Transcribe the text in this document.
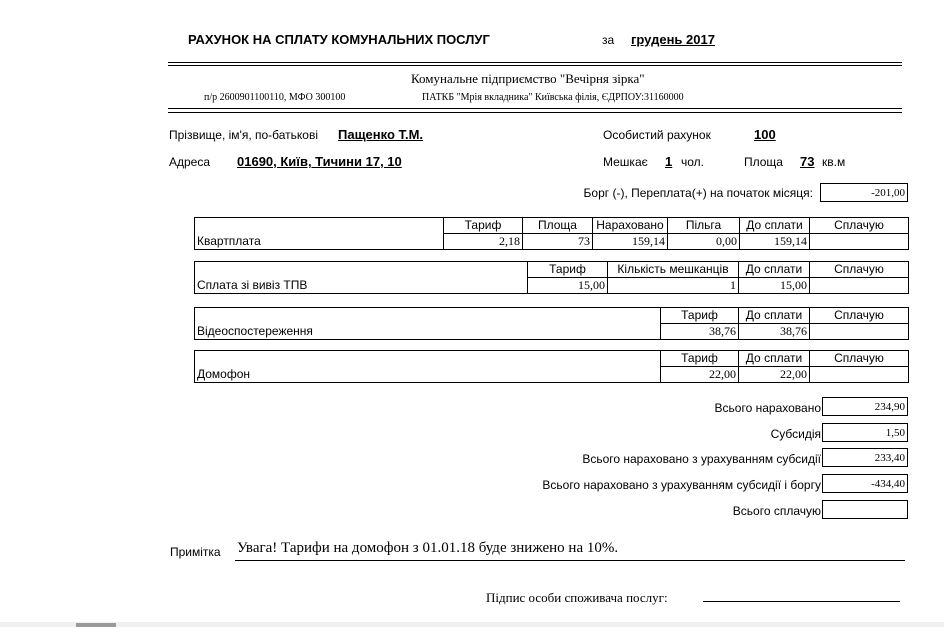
РАХУНОК НА СПЛАТУ КОМУНАЛЬНИХ ПОСЛУГ	за грудень 2017
Комунальне підприємство "Вечірня зірка"
п/р 2600901100110, МФО 300100	ПАТКБ "Мрія вкладника" Київська філія, ЄДРПОУ:31160000
Прізвище, ім'я, по-батькові Пащенко Т.М.	Особистий рахунок	100
Адреса 01690, Київ, Тичини 17, 10	Мешкає 1 чол.	Площа 73 кв.м
Борг (-), Переплата(+) на початок місяця:	-201,00
	Тариф	Площа	Нараховано	Пільга	До сплати	Сплачую
Квартплата	2,18	73	159,14	0,00	159,14	
	Тариф	Кількість мешканців	До сплати	Сплачую
Сплата зі вивіз ТПВ	15,00	1	15,00	
	Тариф	До сплати	Сплачую
Відеоспостереження	38,76	38,76	
	Тариф	До сплати	Сплачую
Домофон	22,00	22,00	
Всього нараховано	234,90
Субсидія	1,50
Всього нараховано з урахуванням субсидії	233,40
Всього нараховано з урахуванням субсидії і боргу	-434,40
Всього сплачую
Примітка Увага! Тарифи на домофон з 01.01.18 буде знижено на 10%.
Підпис особи споживача послуг:
